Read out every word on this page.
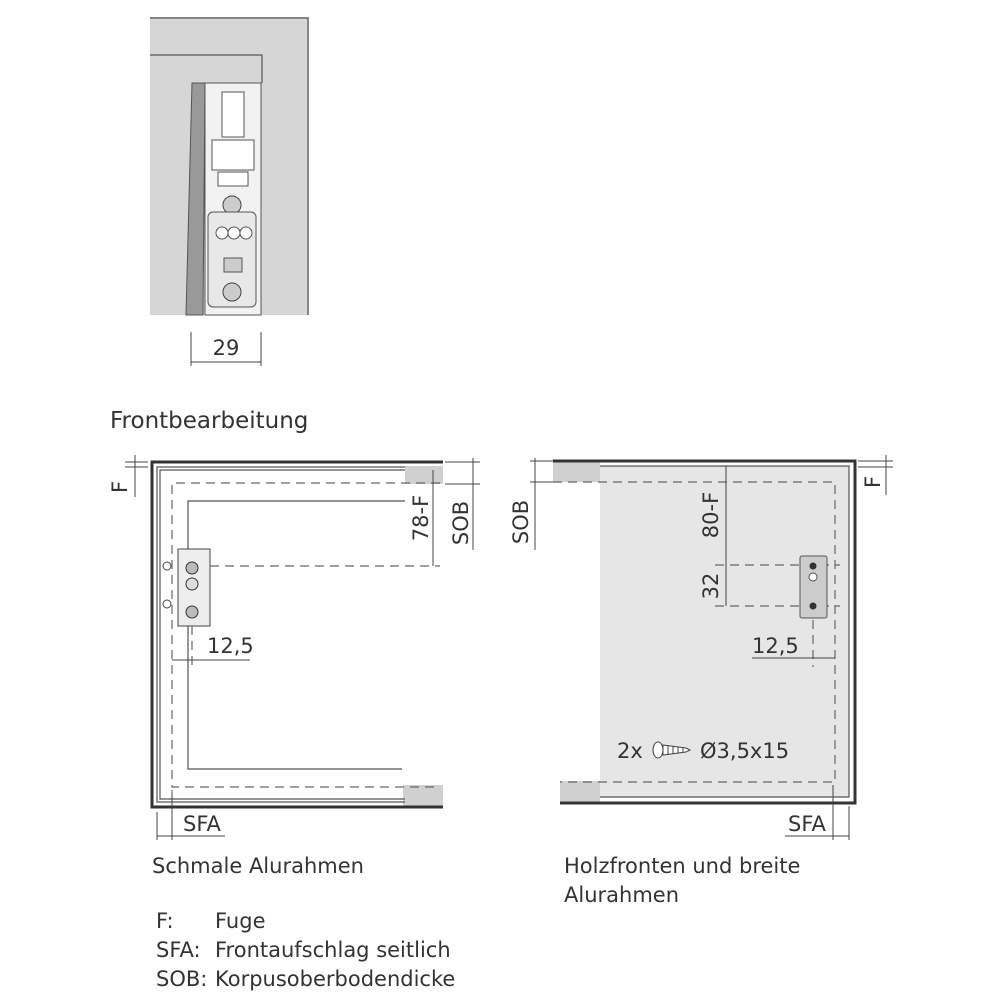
29
Frontbearbeitung
12,5
F
78-F SOB
SFA
Schmale Alurahmen
12,5
80-F
32
2x	Ø3,5x15
SOB
F
SFA
Holzfronten und breite
Alurahmen
F: Fuge
SFA: Frontaufschlag seitlich
SOB: Korpusoberbodendicke
